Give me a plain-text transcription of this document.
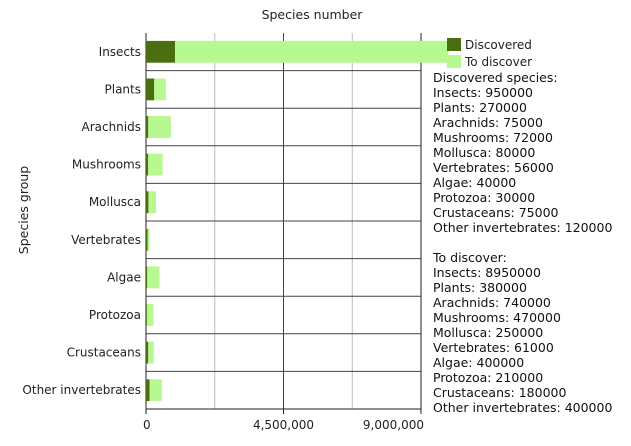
Species number
Species group
Insects
Plants
Arachnids
Mushrooms
Mollusca
Vertebrates
Algae
Protozoa
Crustaceans
Other invertebrates
0	4,500,000	9,000,000
Discovered
To discover
Discovered species:
Insects: 950000
Plants: 270000
Arachnids: 75000
Mushrooms: 72000
Mollusca: 80000
Vertebrates: 56000
Algae: 40000
Protozoa: 30000
Crustaceans: 75000
Other invertebrates: 120000
To discover:
Insects: 8950000
Plants: 380000
Arachnids: 740000
Mushrooms: 470000
Mollusca: 250000
Vertebrates: 61000
Algae: 400000
Protozoa: 210000
Crustaceans: 180000
Other invertebrates: 400000
